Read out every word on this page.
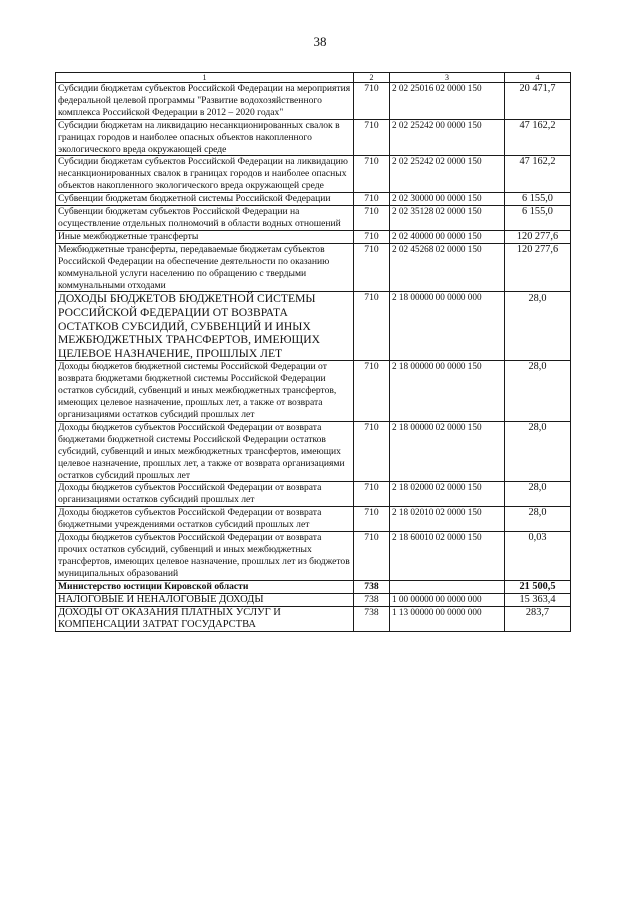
38
1	2	3	4
Субсидии бюджетам субъектов Российской Федерации на мероприятия федеральной целевой программы "Развитие водохозяйственного комплекса Российской Федерации в 2012 – 2020 годах"	710	2 02 25016 02 0000 150	20 471,7
Субсидии бюджетам на ликвидацию несанкционированных свалок в границах городов и наиболее опасных объектов накопленного экологического вреда окружающей среде	710	2 02 25242 00 0000 150	47 162,2
Субсидии бюджетам субъектов Российской Федерации на ликвидацию несанкционированных свалок в границах городов и наиболее опасных объектов накопленного экологического вреда окружающей среде	710	2 02 25242 02 0000 150	47 162,2
Субвенции бюджетам бюджетной системы Российской Федерации	710	2 02 30000 00 0000 150	6 155,0
Субвенции бюджетам субъектов Российской Федерации на осуществление отдельных полномочий в области водных отношений	710	2 02 35128 02 0000 150	6 155,0
Иные межбюджетные трансферты	710	2 02 40000 00 0000 150	120 277,6
Межбюджетные трансферты, передаваемые бюджетам субъектов Российской Федерации на обеспечение деятельности по оказанию коммунальной услуги населению по обращению с твердыми коммунальными отходами	710	2 02 45268 02 0000 150	120 277,6
ДОХОДЫ БЮДЖЕТОВ БЮДЖЕТНОЙ СИСТЕМЫ РОССИЙСКОЙ ФЕДЕРАЦИИ ОТ ВОЗВРАТА ОСТАТКОВ СУБСИДИЙ, СУБВЕНЦИЙ И ИНЫХ МЕЖБЮДЖЕТНЫХ ТРАНСФЕРТОВ, ИМЕЮЩИХ ЦЕЛЕВОЕ НАЗНАЧЕНИЕ, ПРОШЛЫХ ЛЕТ	710	2 18 00000 00 0000 000	28,0
Доходы бюджетов бюджетной системы Российской Федерации от возврата бюджетами бюджетной системы Российской Федерации остатков субсидий, субвенций и иных межбюджетных трансфертов, имеющих целевое назначение, прошлых лет, а также от возврата организациями остатков субсидий прошлых лет	710	2 18 00000 00 0000 150	28,0
Доходы бюджетов субъектов Российской Федерации от возврата бюджетами бюджетной системы Российской Федерации остатков субсидий, субвенций и иных межбюджетных трансфертов, имеющих целевое назначение, прошлых лет, а также от возврата организациями остатков субсидий прошлых лет	710	2 18 00000 02 0000 150	28,0
Доходы бюджетов субъектов Российской Федерации от возврата организациями остатков субсидий прошлых лет	710	2 18 02000 02 0000 150	28,0
Доходы бюджетов субъектов Российской Федерации от возврата бюджетными учреждениями остатков субсидий прошлых лет	710	2 18 02010 02 0000 150	28,0
Доходы бюджетов субъектов Российской Федерации от возврата прочих остатков субсидий, субвенций и иных межбюджетных трансфертов, имеющих целевое назначение, прошлых лет из бюджетов муниципальных образований	710	2 18 60010 02 0000 150	0,03
Министерство юстиции Кировской области	738		21 500,5
НАЛОГОВЫЕ И НЕНАЛОГОВЫЕ ДОХОДЫ	738	1 00 00000 00 0000 000	15 363,4
ДОХОДЫ ОТ ОКАЗАНИЯ ПЛАТНЫХ УСЛУГ И КОМПЕНСАЦИИ ЗАТРАТ ГОСУДАРСТВА	738	1 13 00000 00 0000 000	283,7
